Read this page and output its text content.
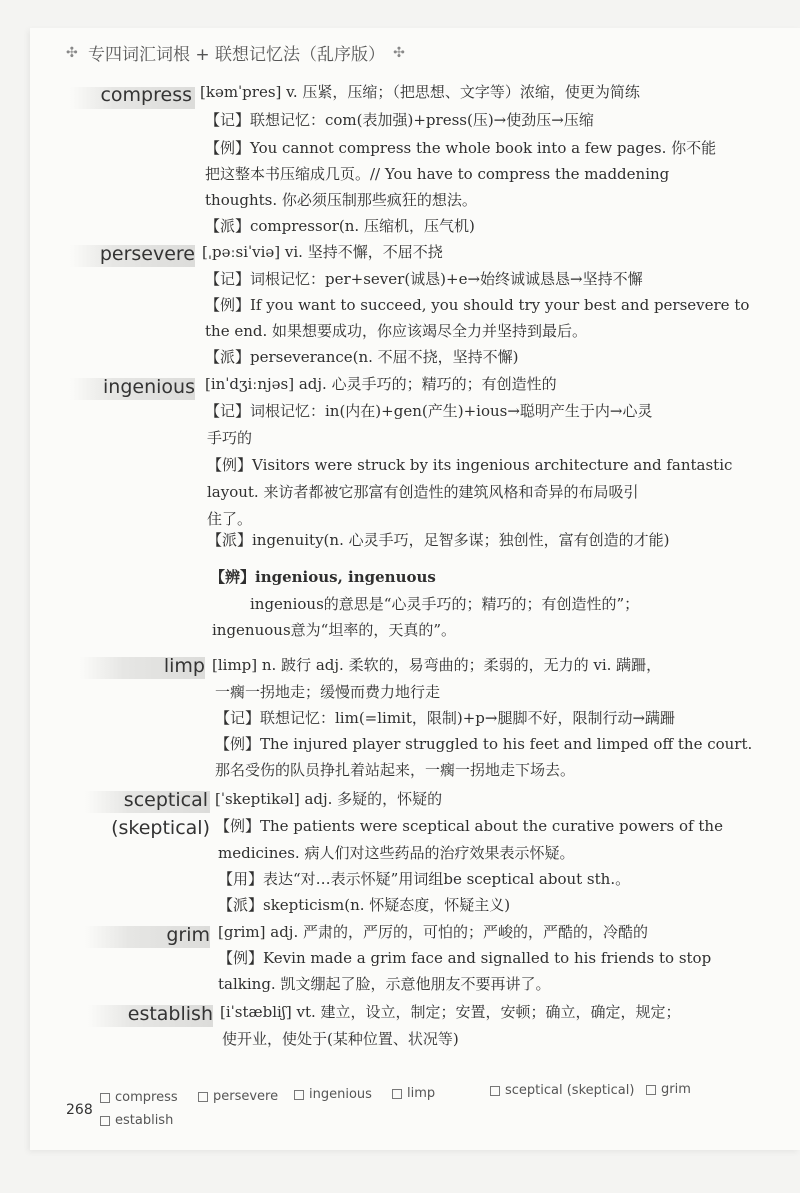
✣ 专四词汇词根 + 联想记忆法（乱序版） ✣
compress [kəmˈpres] v. 压紧，压缩；（把思想、文字等）浓缩，使更为简练
【记】联想记忆：com(表加强)+press(压)→使劲压→压缩
【例】You cannot compress the whole book into a few pages. 你不能
把这整本书压缩成几页。// You have to compress the maddening
thoughts. 你必须压制那些疯狂的想法。
【派】compressor(n. 压缩机，压气机)
persevere [ˌpəːsiˈviə] vi. 坚持不懈，不屈不挠
【记】词根记忆：per+sever(诚恳)+e→始终诚诚恳恳→坚持不懈
【例】If you want to succeed, you should try your best and persevere to
the end. 如果想要成功，你应该竭尽全力并坚持到最后。
【派】perseverance(n. 不屈不挠，坚持不懈)
ingenious [inˈdʒiːnjəs] adj. 心灵手巧的；精巧的；有创造性的
【记】词根记忆：in(内在)+gen(产生)+ious→聪明产生于内→心灵
手巧的
【例】Visitors were struck by its ingenious architecture and fantastic
layout. 来访者都被它那富有创造性的建筑风格和奇异的布局吸引
住了。
【派】ingenuity(n. 心灵手巧，足智多谋；独创性，富有创造的才能)
【辨】ingenious, ingenuous
ingenious的意思是“心灵手巧的；精巧的；有创造性的”；
ingenuous意为“坦率的，天真的”。
limp [limp] n. 跛行 adj. 柔软的，易弯曲的；柔弱的，无力的 vi. 蹒跚，
一瘸一拐地走；缓慢而费力地行走
【记】联想记忆：lim(=limit，限制)+p→腿脚不好，限制行动→蹒跚
【例】The injured player struggled to his feet and limped off the court.
那名受伤的队员挣扎着站起来，一瘸一拐地走下场去。
sceptical
(skeptical)
[ˈskeptikəl] adj. 多疑的，怀疑的
【例】The patients were sceptical about the curative powers of the
medicines. 病人们对这些药品的治疗效果表示怀疑。
【用】表达“对…表示怀疑”用词组be sceptical about sth.。
【派】skepticism(n. 怀疑态度，怀疑主义)
grim [grim] adj. 严肃的，严厉的，可怕的；严峻的，严酷的，冷酷的
【例】Kevin made a grim face and signalled to his friends to stop
talking. 凯文绷起了脸，示意他朋友不要再讲了。
establish [iˈstæbliʃ] vt. 建立，设立，制定；安置，安顿；确立，确定，规定；
使开业，使处于(某种位置、状况等)
268
compress	persevere	ingenious	limp	sceptical (skeptical)	grim
establish
